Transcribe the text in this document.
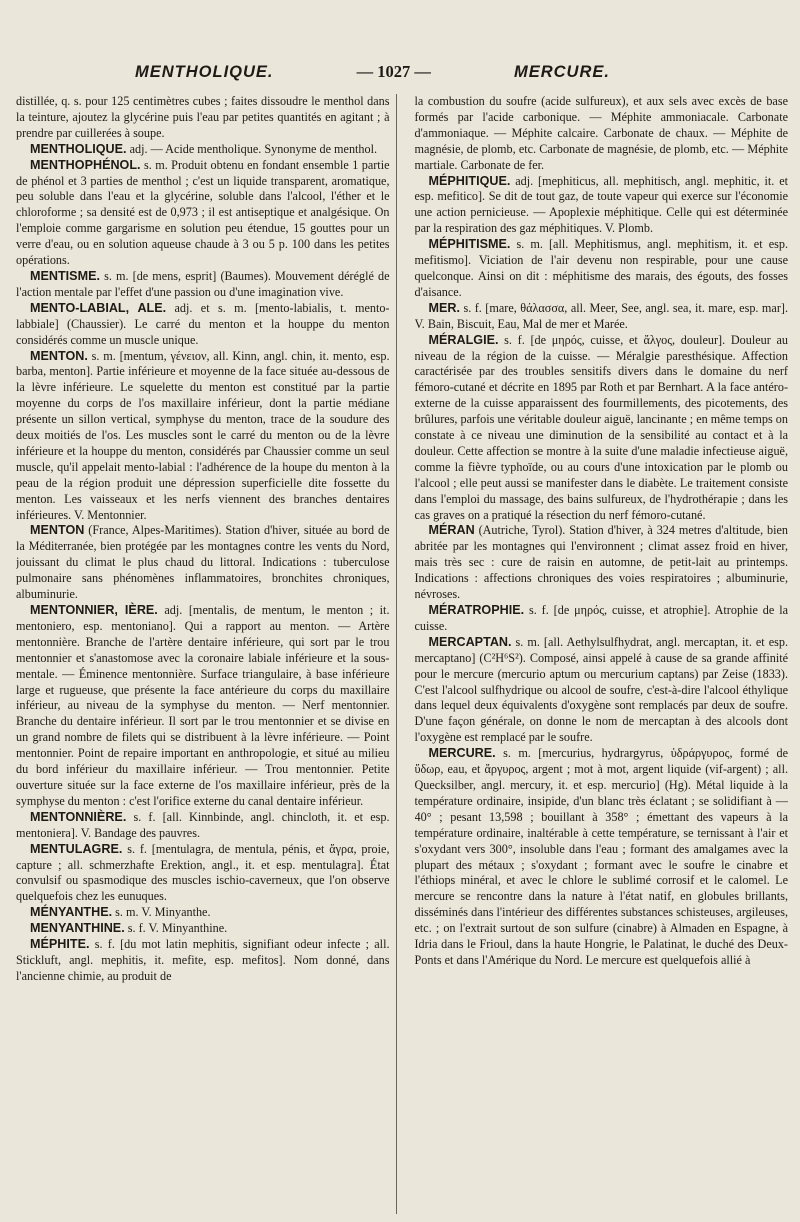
MENTHOLIQUE.	— 1027 —	MERCURE.

distillée, q. s. pour 125 centimètres cubes ; faites dissoudre le menthol dans la teinture, ajoutez la glycérine puis l'eau par petites quantités en agitant ; à prendre par cuillerées à soupe.

MENTHOLIQUE. adj. — Acide mentholique. Synonyme de menthol.

MENTHOPHÉNOL. s. m. Produit obtenu en fondant ensemble 1 partie de phénol et 3 parties de menthol ; c'est un liquide transparent, aromatique, peu soluble dans l'eau et la glycérine, soluble dans l'alcool, l'éther et le chloroforme ; sa densité est de 0,973 ; il est antiseptique et analgésique. On l'emploie comme gargarisme en solution peu étendue, 15 gouttes pour un verre d'eau, ou en solution aqueuse chaude à 3 ou 5 p. 100 dans les petites opérations.

MENTISME. s. m. [de mens, esprit] (Baumes). Mouvement déréglé de l'action mentale par l'effet d'une passion ou d'une imagination vive.

MENTO-LABIAL, ALE. adj. et s. m. [mento-labialis, t. mento-labbiale] (Chaussier). Le carré du menton et la houppe du menton considérés comme un muscle unique.

MENTON. s. m. [mentum, γένειον, all. Kinn, angl. chin, it. mento, esp. barba, menton]. Partie inférieure et moyenne de la face située au-dessous de la lèvre inférieure. Le squelette du menton est constitué par la partie moyenne du corps de l'os maxillaire inférieur, dont la partie médiane présente un sillon vertical, symphyse du menton, trace de la soudure des deux moitiés de l'os. Les muscles sont le carré du menton ou de la lèvre inférieure et la houppe du menton, considérés par Chaussier comme un seul muscle, qu'il appelait mento-labial : l'adhérence de la houpe du menton à la peau de la région produit une dépression superficielle dite fossette du menton. Les vaisseaux et les nerfs viennent des branches dentaires inférieures. V. Mentonnier.

MENTON (France, Alpes-Maritimes). Station d'hiver, située au bord de la Méditerranée, bien protégée par les montagnes contre les vents du Nord, jouissant du climat le plus chaud du littoral. Indications : tuberculose pulmonaire sans phénomènes inflammatoires, bronchites chroniques, albuminurie.

MENTONNIER, IÈRE. adj. [mentalis, de mentum, le menton ; it. mentoniero, esp. mentoniano]. Qui a rapport au menton. — Artère mentonnière. Branche de l'artère dentaire inférieure, qui sort par le trou mentonnier et s'anastomose avec la coronaire labiale inférieure et la sous-mentale. — Éminence mentonnière. Surface triangulaire, à base inférieure large et rugueuse, que présente la face antérieure du corps du maxillaire inférieur, au niveau de la symphyse du menton. — Nerf mentonnier. Branche du dentaire inférieur. Il sort par le trou mentonnier et se divise en un grand nombre de filets qui se distribuent à la lèvre inférieure. — Point mentonnier. Point de repaire important en anthropologie, et situé au milieu du bord inférieur du maxillaire inférieur. — Trou mentonnier. Petite ouverture située sur la face externe de l'os maxillaire inférieur, près de la symphyse du menton : c'est l'orifice externe du canal dentaire inférieur.

MENTONNIÈRE. s. f. [all. Kinnbinde, angl. chincloth, it. et esp. mentoniera]. V. Bandage des pauvres.

MENTULAGRE. s. f. [mentulagra, de mentula, pénis, et ἄγρα, proie, capture ; all. schmerzhafte Erektion, angl., it. et esp. mentulagra]. État convulsif ou spasmodique des muscles ischio-caverneux, que l'on observe quelquefois chez les eunuques.

MÉNYANTHE. s. m. V. Minyanthe.

MENYANTHINE. s. f. V. Minyanthine.

MÉPHITE. s. f. [du mot latin mephitis, signifiant odeur infecte ; all. Stickluft, angl. mephitis, it. mefite, esp. mefitos]. Nom donné, dans l'ancienne chimie, au produit de

la combustion du soufre (acide sulfureux), et aux sels avec excès de base formés par l'acide carbonique. — Méphite ammoniacale. Carbonate d'ammoniaque. — Méphite calcaire. Carbonate de chaux. — Méphite de magnésie, de plomb, etc. Carbonate de magnésie, de plomb, etc. — Méphite martiale. Carbonate de fer.

MÉPHITIQUE. adj. [mephiticus, all. mephitisch, angl. mephitic, it. et esp. mefitico]. Se dit de tout gaz, de toute vapeur qui exerce sur l'économie une action pernicieuse. — Apoplexie méphitique. Celle qui est déterminée par la respiration des gaz méphitiques. V. Plomb.

MÉPHITISME. s. m. [all. Mephitismus, angl. mephitism, it. et esp. mefitismo]. Viciation de l'air devenu non respirable, pour une cause quelconque. Ainsi on dit : méphitisme des marais, des égouts, des fosses d'aisance.

MER. s. f. [mare, θάλασσα, all. Meer, See, angl. sea, it. mare, esp. mar]. V. Bain, Biscuit, Eau, Mal de mer et Marée.

MÉRALGIE. s. f. [de μηρός, cuisse, et ἄλγος, douleur]. Douleur au niveau de la région de la cuisse. — Méralgie paresthésique. Affection caractérisée par des troubles sensitifs divers dans le domaine du nerf fémoro-cutané et décrite en 1895 par Roth et par Bernhart. A la face antéro-externe de la cuisse apparaissent des fourmillements, des picotements, des brûlures, parfois une véritable douleur aiguë, lancinante ; en même temps on constate à ce niveau une diminution de la sensibilité au contact et à la douleur. Cette affection se montre à la suite d'une maladie infectieuse aiguë, comme la fièvre typhoïde, ou au cours d'une intoxication par le plomb ou l'alcool ; elle peut aussi se manifester dans le diabète. Le traitement consiste dans l'emploi du massage, des bains sulfureux, de l'hydrothérapie ; dans les cas graves on a pratiqué la résection du nerf fémoro-cutané.

MÉRAN (Autriche, Tyrol). Station d'hiver, à 324 metres d'altitude, bien abritée par les montagnes qui l'environnent ; climat assez froid en hiver, mais très sec : cure de raisin en automne, de petit-lait au printemps. Indications : affections chroniques des voies respiratoires ; albuminurie, névroses.

MÉRATROPHIE. s. f. [de μηρός, cuisse, et atrophie]. Atrophie de la cuisse.

MERCAPTAN. s. m. [all. Aethylsulfhydrat, angl. mercaptan, it. et esp. mercaptano] (C²H⁶S²). Composé, ainsi appelé à cause de sa grande affinité pour le mercure (mercurio aptum ou mercurium captans) par Zeise (1833). C'est l'alcool sulfhydrique ou alcool de soufre, c'est-à-dire l'alcool éthylique dans lequel deux équivalents d'oxygène sont remplacés par deux de soufre. D'une façon générale, on donne le nom de mercaptan à des alcools dont l'oxygène est remplacé par le soufre.

MERCURE. s. m. [mercurius, hydrargyrus, ὑδράργυρος, formé de ὕδωρ, eau, et ἄργυρος, argent ; mot à mot, argent liquide (vif-argent) ; all. Quecksilber, angl. mercury, it. et esp. mercurio] (Hg). Métal liquide à la température ordinaire, insipide, d'un blanc très éclatant ; se solidifiant à — 40° ; pesant 13,598 ; bouillant à 358° ; émettant des vapeurs à la température ordinaire, inaltérable à cette température, se ternissant à l'air et s'oxydant vers 300°, insoluble dans l'eau ; formant des amalgames avec la plupart des métaux ; s'oxydant ; formant avec le soufre le cinabre et l'éthiops minéral, et avec le chlore le sublimé corrosif et le calomel. Le mercure se rencontre dans la nature à l'état natif, en globules brillants, disséminés dans l'intérieur des différentes substances schisteuses, argileuses, etc. ; on l'extrait surtout de son sulfure (cinabre) à Almaden en Espagne, à Idria dans le Frioul, dans la haute Hongrie, le Palatinat, le duché des Deux-Ponts et dans l'Amérique du Nord. Le mercure est quelquefois allié à
